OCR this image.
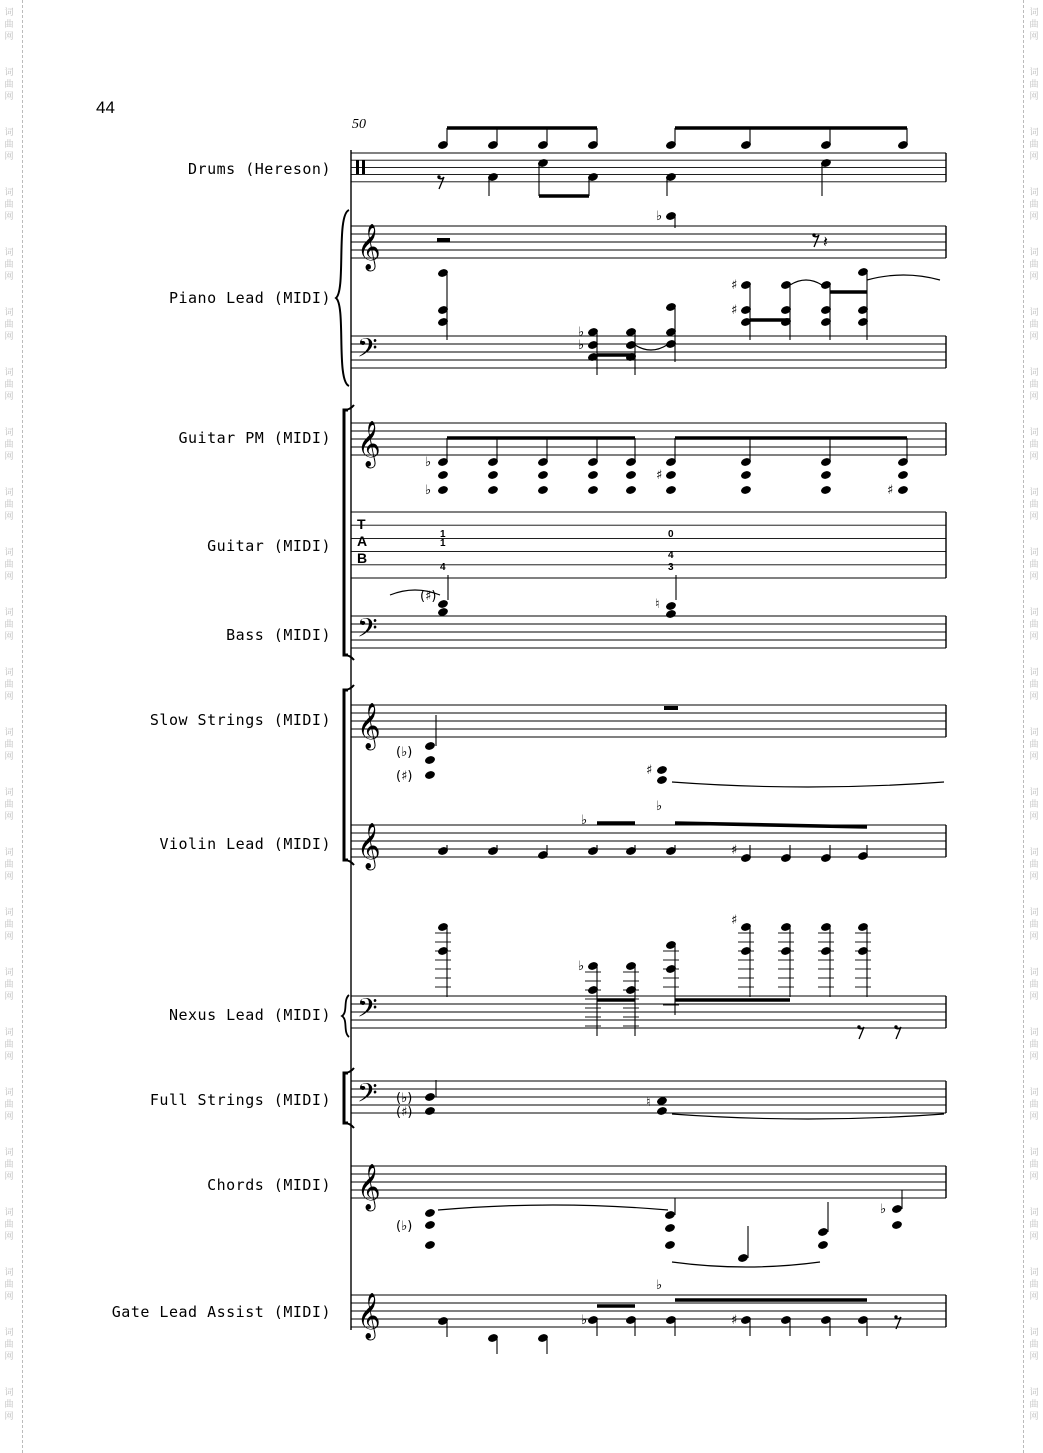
44
50
Drums (Hereson)
Piano Lead (MIDI)
Guitar PM (MIDI)
Guitar (MIDI)
Bass (MIDI)
Slow Strings (MIDI)
Violin Lead (MIDI)
Nexus Lead (MIDI)
Full Strings (MIDI)
Chords (MIDI)
Gate Lead Assist (MIDI)
T
A
B
1
1
4
0
4
3
𝄞
𝄞
𝄞
𝄞
𝄞
𝄞
𝄢
𝄢
𝄢
𝄢
♭
𝄽
♭
♭
♯
♯
♭
♭
♯
♯
(♯)
♮
(♭)
(♯)	♯
♭
♭
♯
♭
♯
(♭)
(♯)
♮
(♭)
♭
♭
♭
♯
词	词
曲	曲
网	网
词	词
曲	曲
网	网
词	词
曲	曲
网	网
词	词
曲	曲
网	网
词	词
曲	曲
网	网
词	词
曲	曲
网	网
词	词
曲	曲
网	网
词	词
曲	曲
网	网
词	词
曲	曲
网	网
词	词
曲	曲
网	网
词	词
曲	曲
网	网
词	词
曲	曲
网	网
词	词
曲	曲
网	网
词	词
曲	曲
网	网
词	词
曲	曲
网	网
词	词
曲	曲
网	网
词	词
曲	曲
网	网
词	词
曲	曲
网	网
词	词
曲	曲
网	网
词	词
曲	曲
网	网
词	词
曲	曲
网	网
词	词
曲	曲
网	网
词	词
曲	曲
网	网
词	词
曲	曲
网	网
